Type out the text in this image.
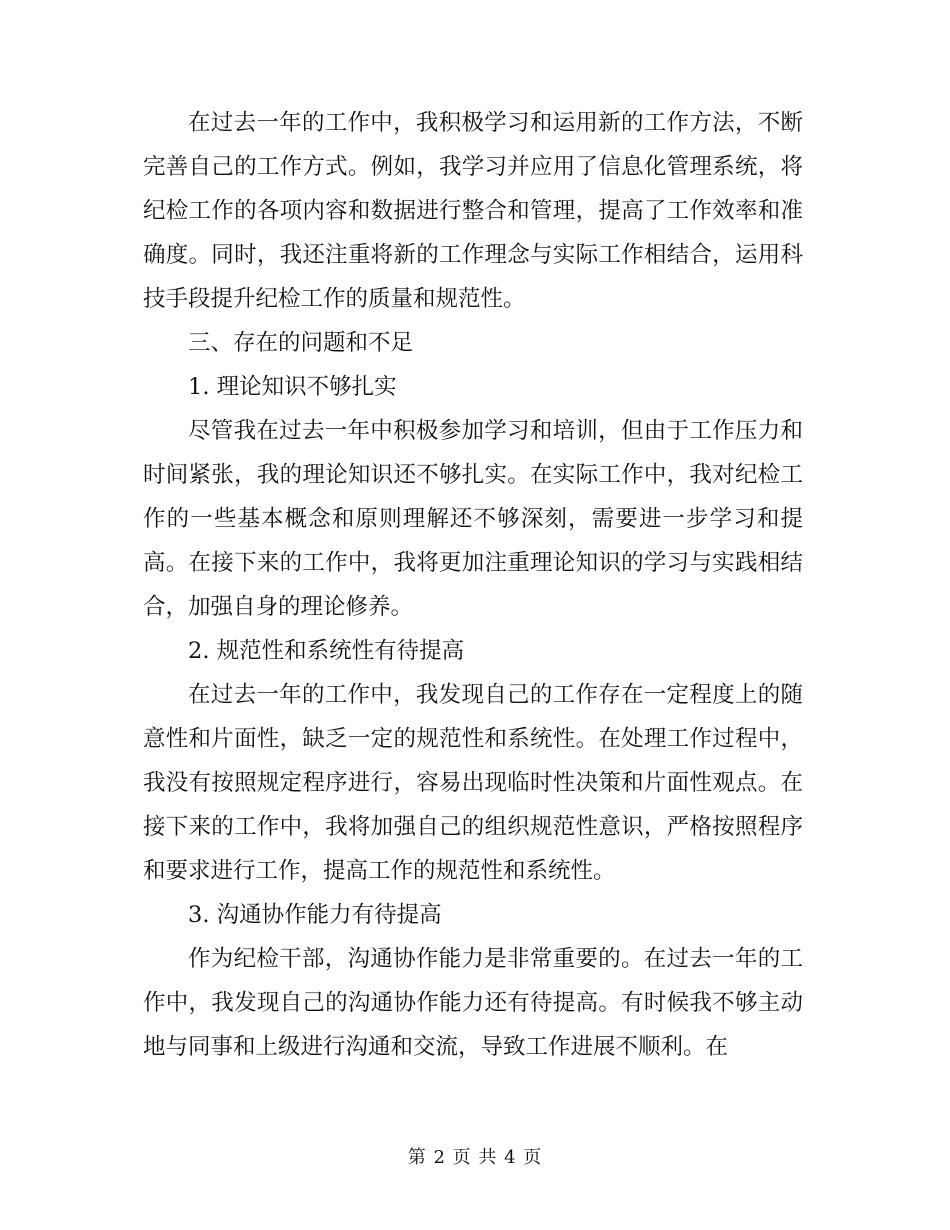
在过去一年的工作中，我积极学习和运用新的工作方法，不断完善自己的工作方式。例如，我学习并应用了信息化管理系统，将纪检工作的各项内容和数据进行整合和管理，提高了工作效率和准确度。同时，我还注重将新的工作理念与实际工作相结合，运用科技手段提升纪检工作的质量和规范性。

三、存在的问题和不足

1. 理论知识不够扎实

尽管我在过去一年中积极参加学习和培训，但由于工作压力和时间紧张，我的理论知识还不够扎实。在实际工作中，我对纪检工作的一些基本概念和原则理解还不够深刻，需要进一步学习和提高。在接下来的工作中，我将更加注重理论知识的学习与实践相结合，加强自身的理论修养。

2. 规范性和系统性有待提高

在过去一年的工作中，我发现自己的工作存在一定程度上的随意性和片面性，缺乏一定的规范性和系统性。在处理工作过程中，我没有按照规定程序进行，容易出现临时性决策和片面性观点。在接下来的工作中，我将加强自己的组织规范性意识，严格按照程序和要求进行工作，提高工作的规范性和系统性。

3. 沟通协作能力有待提高

作为纪检干部，沟通协作能力是非常重要的。在过去一年的工作中，我发现自己的沟通协作能力还有待提高。有时候我不够主动地与同事和上级进行沟通和交流，导致工作进展不顺利。在

第 2 页 共 4 页
